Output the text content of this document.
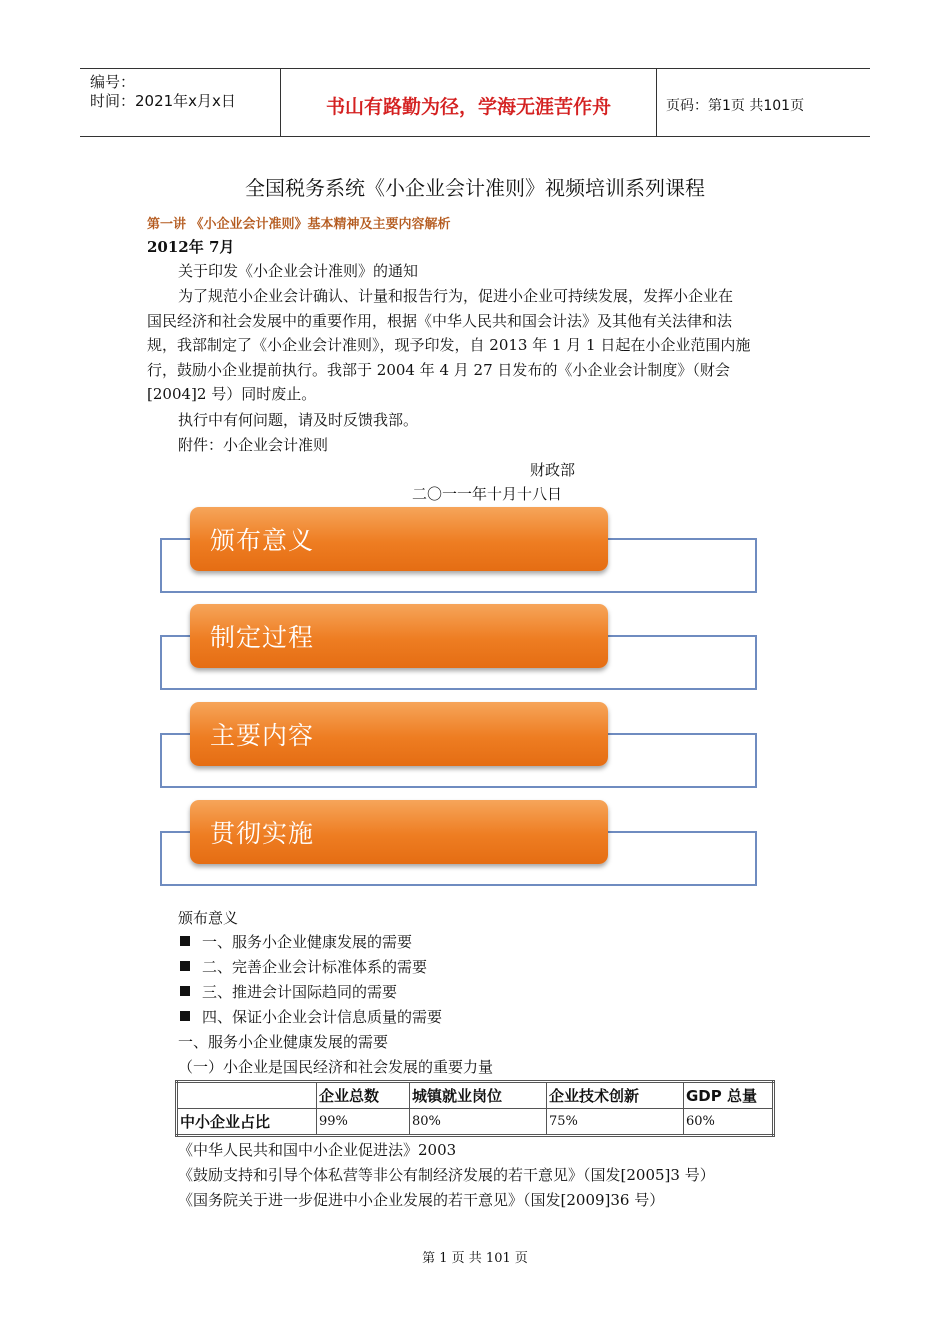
编号：
时间：2021年x月x日	书山有路勤为径，学海无涯苦作舟	页码：第1页 共101页
全国税务系统《小企业会计准则》视频培训系列课程
第一讲 《小企业会计准则》基本精神及主要内容解析
2012年 7月
关于印发《小企业会计准则》的通知
为了规范小企业会计确认、计量和报告行为，促进小企业可持续发展，发挥小企业在
国民经济和社会发展中的重要作用，根据《中华人民共和国会计法》及其他有关法律和法
规，我部制定了《小企业会计准则》，现予印发，自 2013 年 1 月 1 日起在小企业范围内施
行，鼓励小企业提前执行。我部于 2004 年 4 月 27 日发布的《小企业会计制度》（财会
[2004]2 号）同时废止。
执行中有何问题，请及时反馈我部。
附件：小企业会计准则
财政部
二〇一一年十月十八日
颁布意义
制定过程
主要内容
贯彻实施
颁布意义
一、服务小企业健康发展的需要
二、完善企业会计标准体系的需要
三、推进会计国际趋同的需要
四、保证小企业会计信息质量的需要
一、服务小企业健康发展的需要
（一）小企业是国民经济和社会发展的重要力量
	企业总数	城镇就业岗位	企业技术创新	GDP 总量
中小企业占比	99%	80%	75%	60%
《中华人民共和国中小企业促进法》2003
《鼓励支持和引导个体私营等非公有制经济发展的若干意见》（国发[2005]3 号）
《国务院关于进一步促进中小企业发展的若干意见》（国发[2009]36 号）
第 1 页 共 101 页
